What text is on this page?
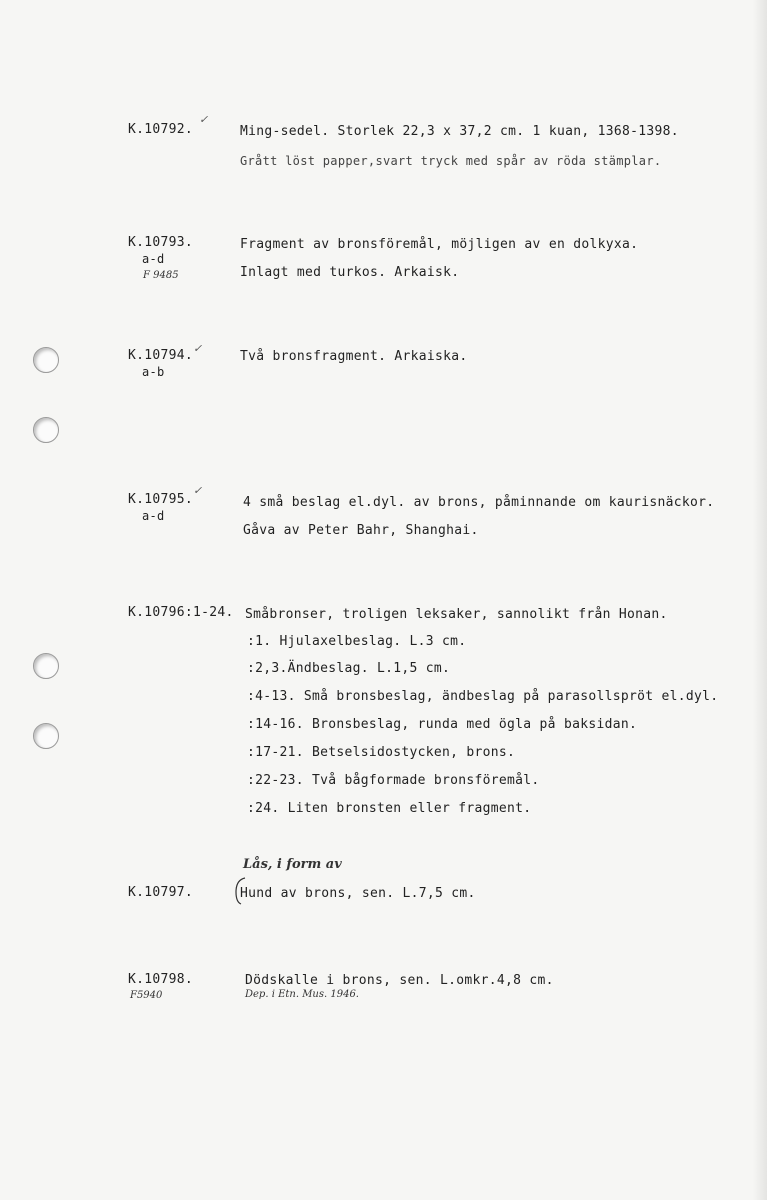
K.10792.
✓
Ming-sedel. Storlek 22,3 x 37,2 cm. 1 kuan, 1368-1398.
Grått löst papper,svart tryck med spår av röda stämplar.
K.10793.
a-d
F 9485
Fragment av bronsföremål, möjligen av en dolkyxa.
Inlagt med turkos. Arkaisk.
K.10794.
a-b
✓
Två bronsfragment. Arkaiska.
K.10795.
a-d
✓
4 små beslag el.dyl. av brons, påminnande om kaurisnäckor.
Gåva av Peter Bahr, Shanghai.
K.10796:1-24. Småbronser, troligen leksaker, sannolikt från Honan.
:1. Hjulaxelbeslag. L.3 cm.
:2,3.Ändbeslag. L.1,5 cm.
:4-13. Små bronsbeslag, ändbeslag på parasollspröt el.dyl.
:14-16. Bronsbeslag, runda med ögla på baksidan.
:17-21. Betselsidostycken, brons.
:22-23. Två bågformade bronsföremål.
:24. Liten bronsten eller fragment.
Lås, i form av
K.10797.	Hund av brons, sen. L.7,5 cm.
K.10798.
F5940
Dödskalle i brons, sen. L.omkr.4,8 cm.
Dep. i Etn. Mus. 1946.
